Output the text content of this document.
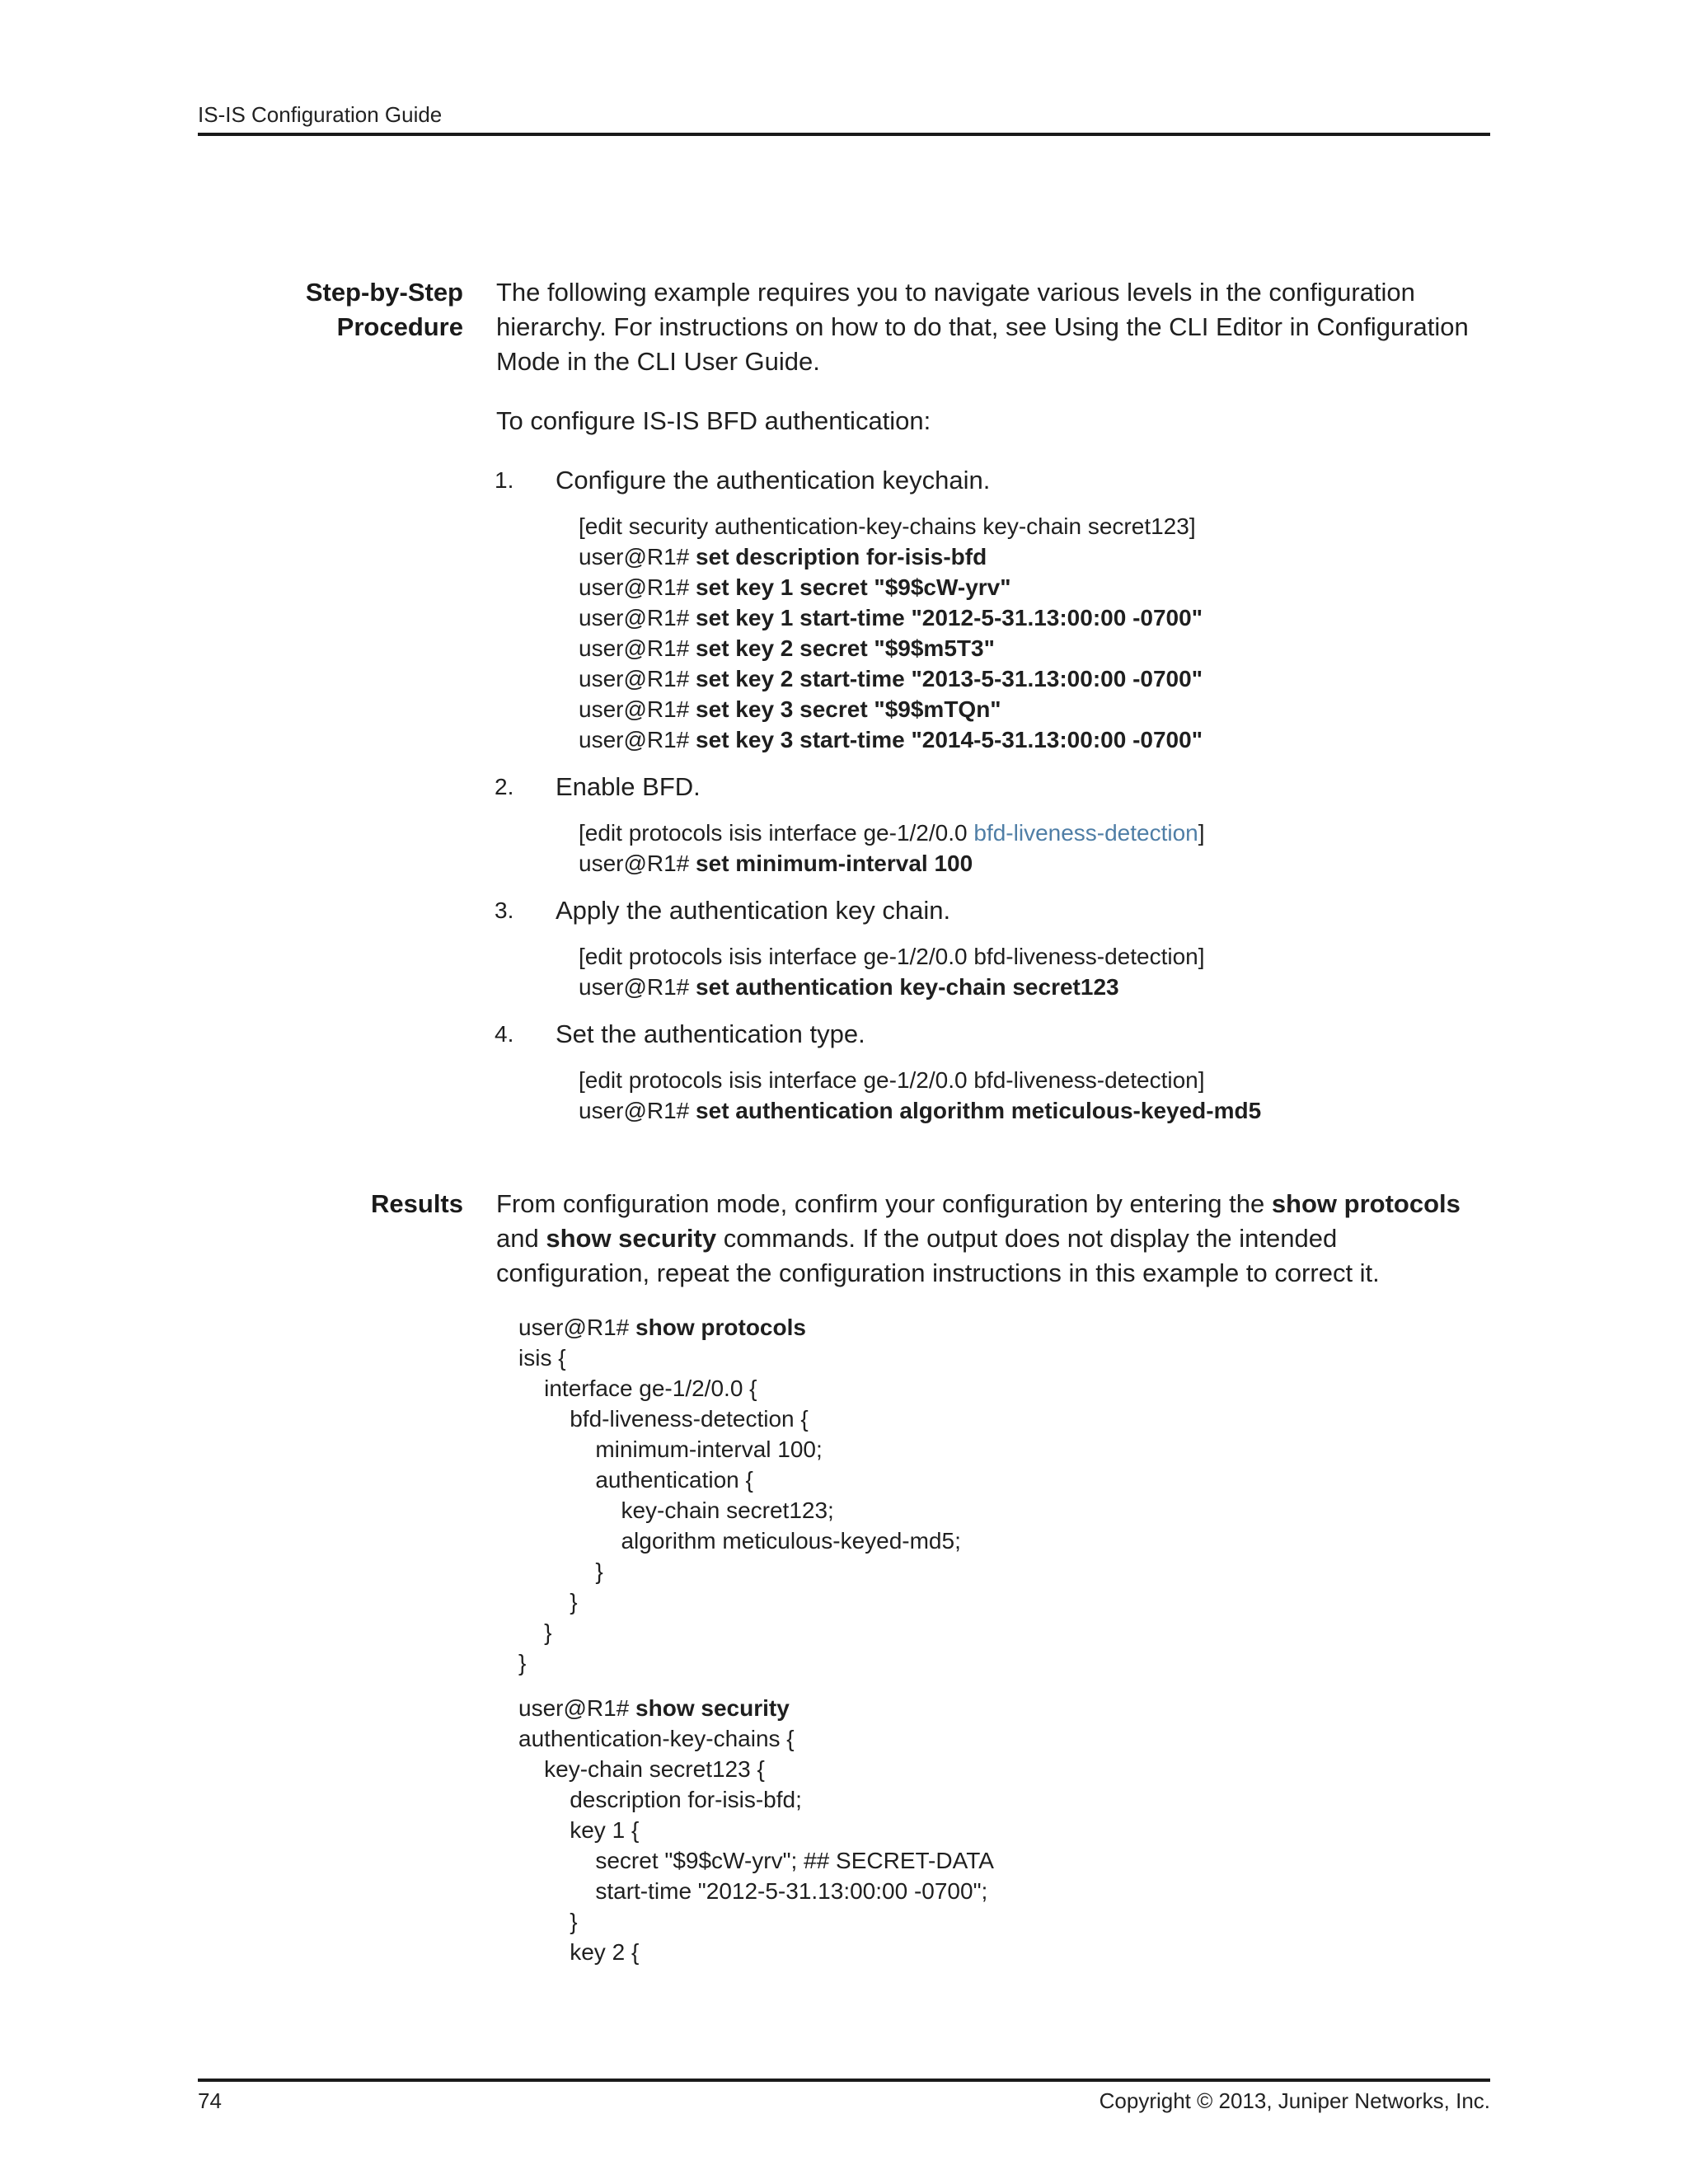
IS-IS Configuration Guide
Step-by-Step
Procedure

The following example requires you to navigate various levels in the configuration hierarchy. For instructions on how to do that, see Using the CLI Editor in Configuration Mode in the CLI User Guide.

To configure IS-IS BFD authentication:

1. Configure the authentication keychain.
[edit security authentication-key-chains key-chain secret123]
user@R1# set description for-isis-bfd
user@R1# set key 1 secret "$9$cW-yrv"
user@R1# set key 1 start-time "2012-5-31.13:00:00 -0700"
user@R1# set key 2 secret "$9$m5T3"
user@R1# set key 2 start-time "2013-5-31.13:00:00 -0700"
user@R1# set key 3 secret "$9$mTQn"
user@R1# set key 3 start-time "2014-5-31.13:00:00 -0700"
2. Enable BFD.
[edit protocols isis interface ge-1/2/0.0 bfd-liveness-detection]
user@R1# set minimum-interval 100
3. Apply the authentication key chain.
[edit protocols isis interface ge-1/2/0.0 bfd-liveness-detection]
user@R1# set authentication key-chain secret123
4. Set the authentication type.
[edit protocols isis interface ge-1/2/0.0 bfd-liveness-detection]
user@R1# set authentication algorithm meticulous-keyed-md5
Results From configuration mode, confirm your configuration by entering the show protocols and show security commands. If the output does not display the intended configuration, repeat the configuration instructions in this example to correct it.

user@R1# show protocols
isis {
interface ge-1/2/0.0 {
bfd-liveness-detection {
minimum-interval 100;
authentication {
key-chain secret123;
algorithm meticulous-keyed-md5;
}
}
}
}
user@R1# show security
authentication-key-chains {
key-chain secret123 {
description for-isis-bfd;
key 1 {
secret "$9$cW-yrv"; ## SECRET-DATA
start-time "2012-5-31.13:00:00 -0700";
}
key 2 {
74	Copyright © 2013, Juniper Networks, Inc.
